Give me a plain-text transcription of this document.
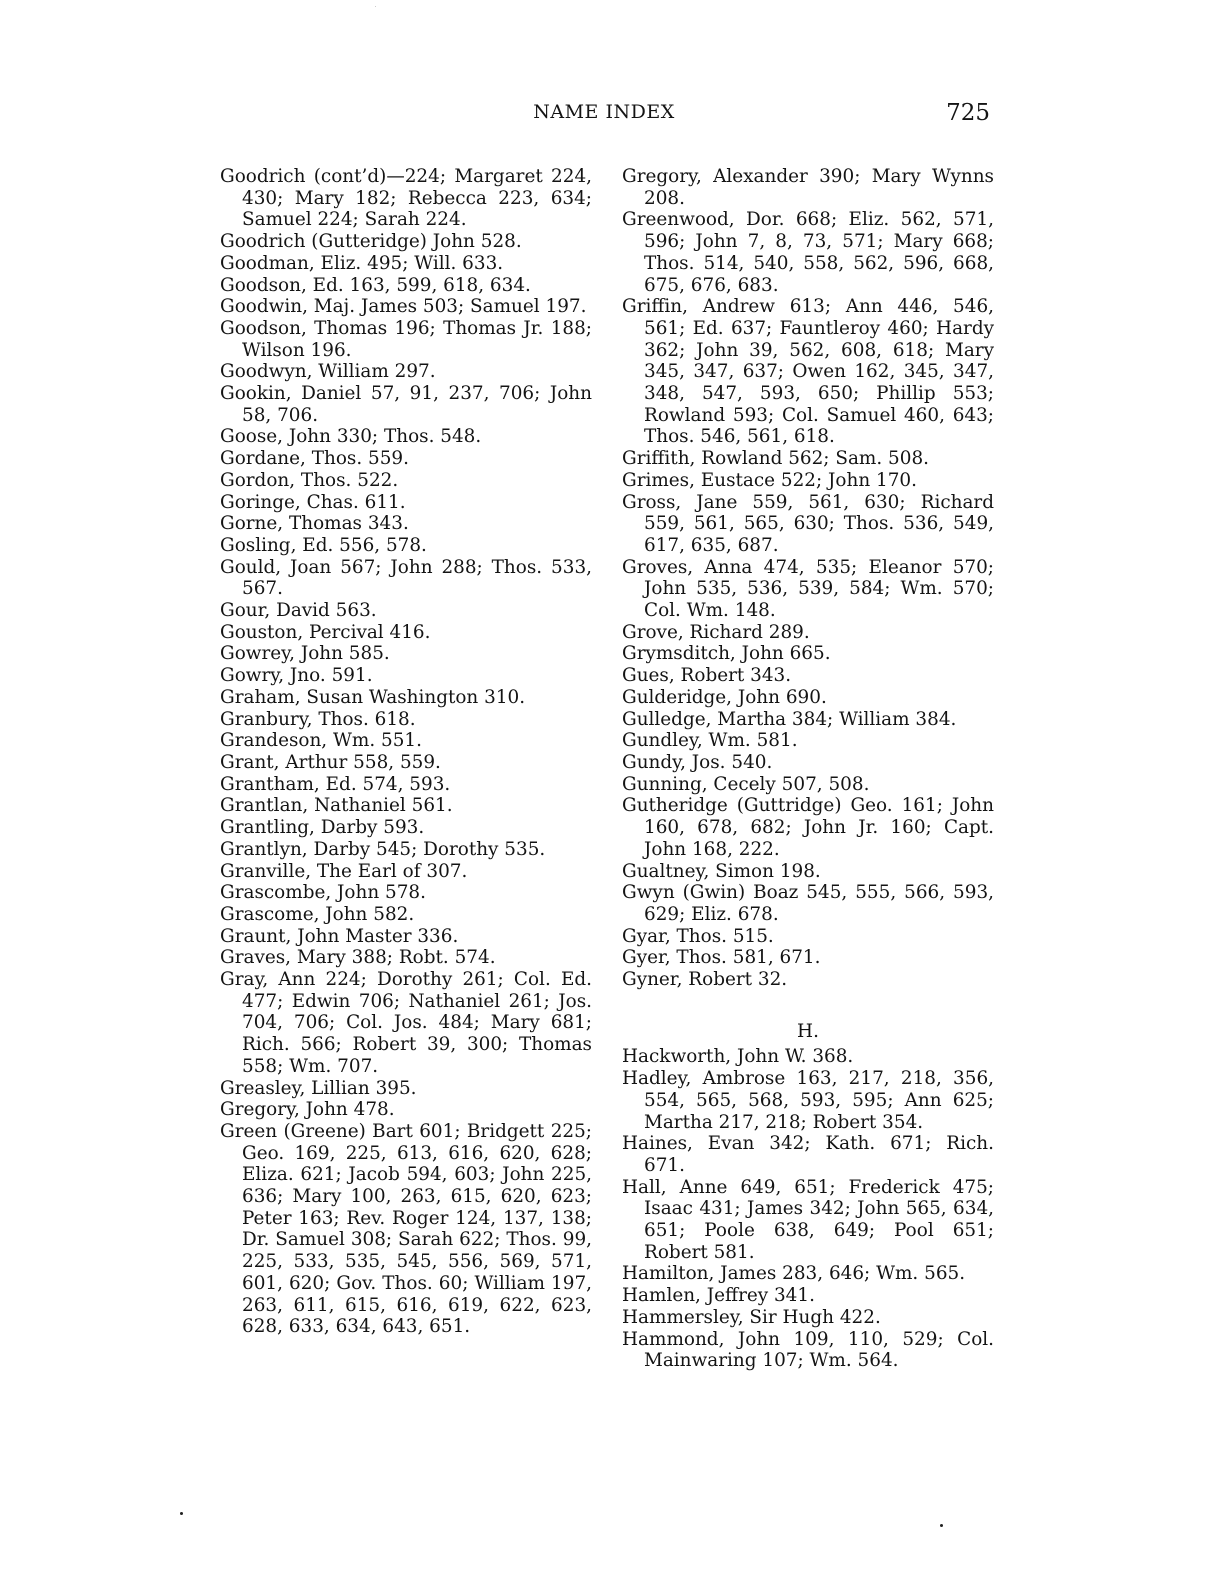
NAME INDEX	725

Goodrich (cont’d)—224; Margaret 224, 430; Mary 182; Rebecca 223, 634; Samuel 224; Sarah 224.

Goodrich (Gutteridge) John 528.

Goodman, Eliz. 495; Will. 633.

Goodson, Ed. 163, 599, 618, 634.

Goodwin, Maj. James 503; Samuel 197.

Goodson, Thomas 196; Thomas Jr. 188; Wilson 196.

Goodwyn, William 297.

Gookin, Daniel 57, 91, 237, 706; John 58, 706.

Goose, John 330; Thos. 548.

Gordane, Thos. 559.

Gordon, Thos. 522.

Goringe, Chas. 611.

Gorne, Thomas 343.

Gosling, Ed. 556, 578.

Gould, Joan 567; John 288; Thos. 533, 567.

Gour, David 563.

Gouston, Percival 416.

Gowrey, John 585.

Gowry, Jno. 591.

Graham, Susan Washington 310.

Granbury, Thos. 618.

Grandeson, Wm. 551.

Grant, Arthur 558, 559.

Grantham, Ed. 574, 593.

Grantlan, Nathaniel 561.

Grantling, Darby 593.

Grantlyn, Darby 545; Dorothy 535.

Granville, The Earl of 307.

Grascombe, John 578.

Grascome, John 582.

Graunt, John Master 336.

Graves, Mary 388; Robt. 574.

Gray, Ann 224; Dorothy 261; Col. Ed. 477; Edwin 706; Nathaniel 261; Jos. 704, 706; Col. Jos. 484; Mary 681; Rich. 566; Robert 39, 300; Thomas 558; Wm. 707.

Greasley, Lillian 395.

Gregory, John 478.

Green (Greene) Bart 601; Bridgett 225; Geo. 169, 225, 613, 616, 620, 628; Eliza. 621; Jacob 594, 603; John 225, 636; Mary 100, 263, 615, 620, 623; Peter 163; Rev. Roger 124, 137, 138; Dr. Samuel 308; Sarah 622; Thos. 99, 225, 533, 535, 545, 556, 569, 571, 601, 620; Gov. Thos. 60; William 197, 263, 611, 615, 616, 619, 622, 623, 628, 633, 634, 643, 651.

Gregory, Alexander 390; Mary Wynns 208.

Greenwood, Dor. 668; Eliz. 562, 571, 596; John 7, 8, 73, 571; Mary 668; Thos. 514, 540, 558, 562, 596, 668, 675, 676, 683.

Griffin, Andrew 613; Ann 446, 546, 561; Ed. 637; Fauntleroy 460; Hardy 362; John 39, 562, 608, 618; Mary 345, 347, 637; Owen 162, 345, 347, 348, 547, 593, 650; Phillip 553; Rowland 593; Col. Samuel 460, 643; Thos. 546, 561, 618.

Griffith, Rowland 562; Sam. 508.

Grimes, Eustace 522; John 170.

Gross, Jane 559, 561, 630; Richard 559, 561, 565, 630; Thos. 536, 549, 617, 635, 687.

Groves, Anna 474, 535; Eleanor 570; John 535, 536, 539, 584; Wm. 570; Col. Wm. 148.

Grove, Richard 289.

Grymsditch, John 665.

Gues, Robert 343.

Gulderidge, John 690.

Gulledge, Martha 384; William 384.

Gundley, Wm. 581.

Gundy, Jos. 540.

Gunning, Cecely 507, 508.

Gutheridge (Guttridge) Geo. 161; John 160, 678, 682; John Jr. 160; Capt. John 168, 222.

Gualtney, Simon 198.

Gwyn (Gwin) Boaz 545, 555, 566, 593, 629; Eliz. 678.

Gyar, Thos. 515.

Gyer, Thos. 581, 671.

Gyner, Robert 32.

H.

Hackworth, John W. 368.

Hadley, Ambrose 163, 217, 218, 356, 554, 565, 568, 593, 595; Ann 625; Martha 217, 218; Robert 354.

Haines, Evan 342; Kath. 671; Rich. 671.

Hall, Anne 649, 651; Frederick 475; Isaac 431; James 342; John 565, 634, 651; Poole 638, 649; Pool 651; Robert 581.

Hamilton, James 283, 646; Wm. 565.

Hamlen, Jeffrey 341.

Hammersley, Sir Hugh 422.

Hammond, John 109, 110, 529; Col. Mainwaring 107; Wm. 564.
